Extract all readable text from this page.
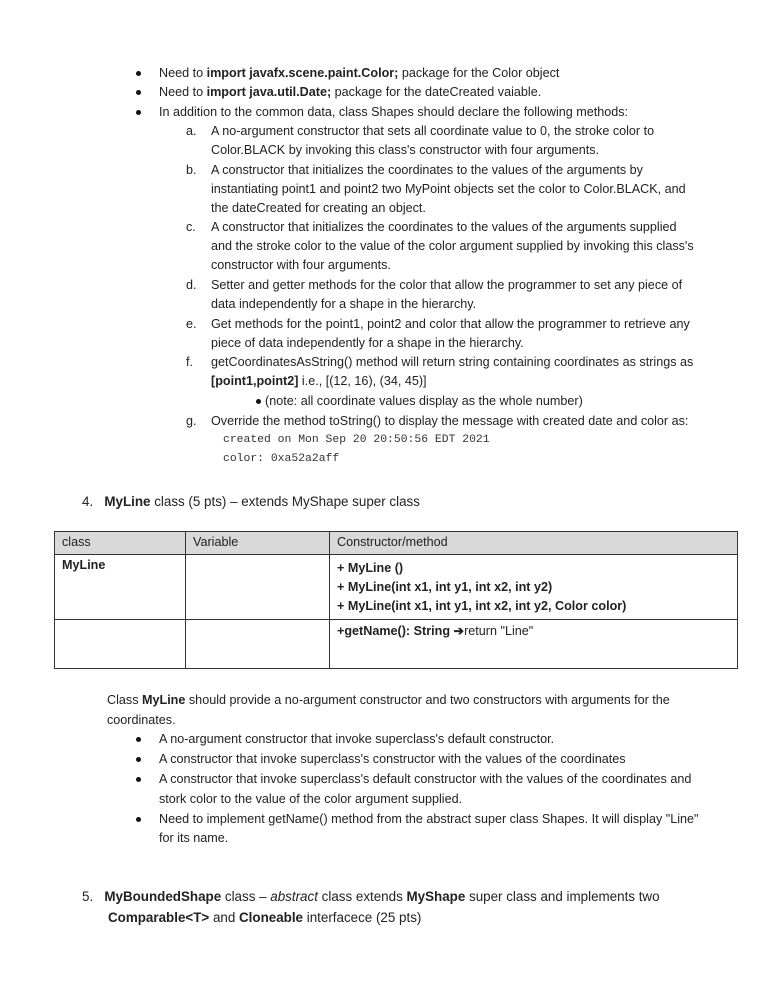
Need to import javafx.scene.paint.Color; package for the Color object
Need to import java.util.Date; package for the dateCreated vaiable.
In addition to the common data, class Shapes should declare the following methods:
a. A no-argument constructor that sets all coordinate value to 0, the stroke color to
Color.BLACK by invoking this class's constructor with four arguments.
b. A constructor that initializes the coordinates to the values of the arguments by
instantiating point1 and point2 two MyPoint objects set the color to Color.BLACK, and
the dateCreated for creating an object.
c. A constructor that initializes the coordinates to the values of the arguments supplied
and the stroke color to the value of the color argument supplied by invoking this class's
constructor with four arguments.
d. Setter and getter methods for the color that allow the programmer to set any piece of
data independently for a shape in the hierarchy.
e. Get methods for the point1, point2 and color that allow the programmer to retrieve any
piece of data independently for a shape in the hierarchy.
f. getCoordinatesAsString() method will return string containing coordinates as strings as
[point1,point2] i.e., [(12, 16), (34, 45)]
(note: all coordinate values display as the whole number)
g. Override the method toString() to display the message with created date and color as:
created on Mon Sep 20 20:50:56 EDT 2021
color: 0xa52a2aff
4. MyLine class (5 pts) – extends MyShape super class
class	Variable	Constructor/method
MyLine		+ MyLine ()
+ MyLine(int x1, int y1, int x2, int y2)
+ MyLine(int x1, int y1, int x2, int y2, Color color)
		+getName(): String ➔return "Line"
Class MyLine should provide a no-argument constructor and two constructors with arguments for the
coordinates.
A no-argument constructor that invoke superclass's default constructor.
A constructor that invoke superclass's constructor with the values of the coordinates
A constructor that invoke superclass's default constructor with the values of the coordinates and
stork color to the value of the color argument supplied.
Need to implement getName() method from the abstract super class Shapes. It will display "Line"
for its name.
5. MyBoundedShape class – abstract class extends MyShape super class and implements two
Comparable<T> and Cloneable interfacece (25 pts)
